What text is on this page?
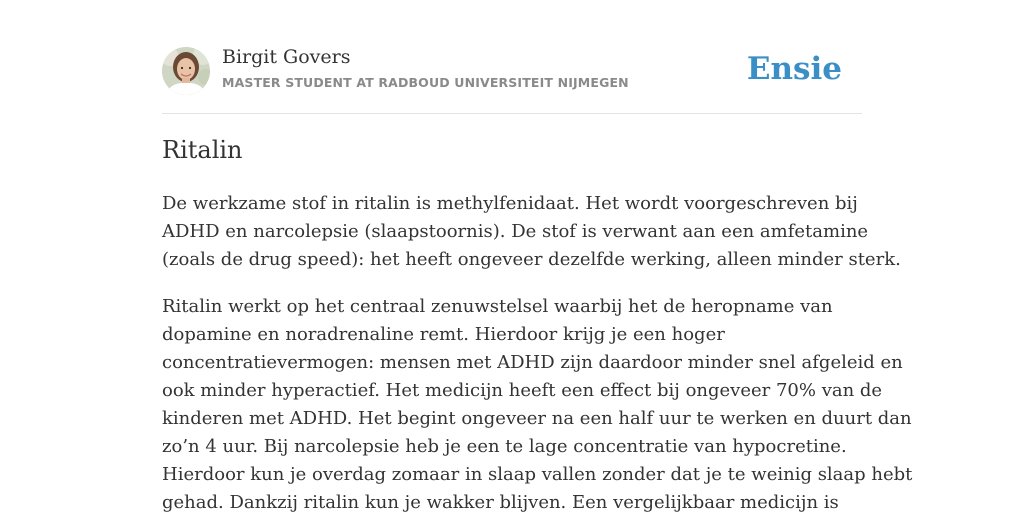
Birgit Govers
MASTER STUDENT AT RADBOUD UNIVERSITEIT NIJMEGEN	Ensie
Ritalin

De werkzame stof in ritalin is methylfenidaat. Het wordt voorgeschreven bij
ADHD en narcolepsie (slaapstoornis). De stof is verwant aan een amfetamine
(zoals de drug speed): het heeft ongeveer dezelfde werking, alleen minder sterk.

Ritalin werkt op het centraal zenuwstelsel waarbij het de heropname van
dopamine en noradrenaline remt. Hierdoor krijg je een hoger
concentratievermogen: mensen met ADHD zijn daardoor minder snel afgeleid en
ook minder hyperactief. Het medicijn heeft een effect bij ongeveer 70% van de
kinderen met ADHD. Het begint ongeveer na een half uur te werken en duurt dan
zo’n 4 uur. Bij narcolepsie heb je een te lage concentratie van hypocretine.
Hierdoor kun je overdag zomaar in slaap vallen zonder dat je te weinig slaap hebt
gehad. Dankzij ritalin kun je wakker blijven. Een vergelijkbaar medicijn is
